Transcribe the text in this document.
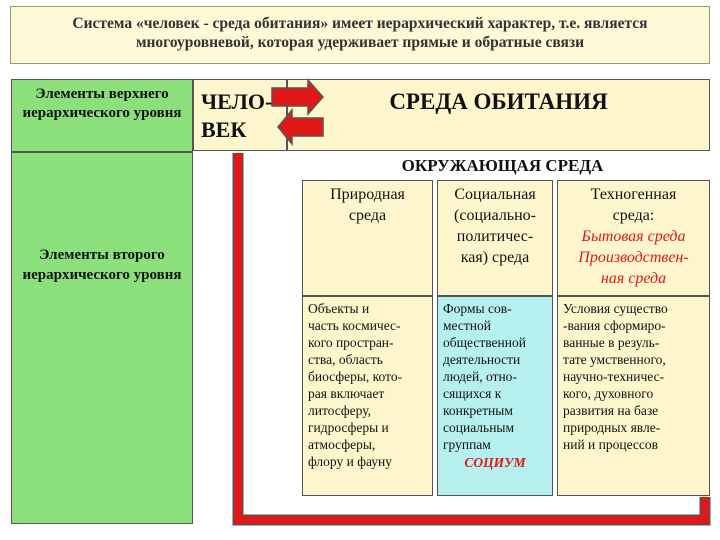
Система «человек - среда обитания» имеет иерархический характер, т.е. является
многоуровневой, которая удерживает прямые и обратные связи
Элементы верхнего иерархического уровня
Элементы второго иерархического уровня
ЧЕЛО-
ВЕК
СРЕДА ОБИТАНИЯ
ОКРУЖАЮЩАЯ СРЕДА
Природная
среда
Социальная
(социально-
политичес-
кая) среда
Техногенная
среда:
Бытовая среда
Производствен-
ная среда
Объекты и
часть космичес-
кого простран-
ства, область
биосферы, кото-
рая включает
литосферу,
гидросферы и
атмосферы,
флору и фауну
Формы сов-
местной
общественной
деятельности
людей, отно-
сящихся к
конкретным
социальным
группам
СОЦИУМ
Условия существо
-вания сформиро-
ванные в резуль-
тате умственного,
научно-техничес-
кого, духовного
развития на базе
природных явле-
ний и процессов
